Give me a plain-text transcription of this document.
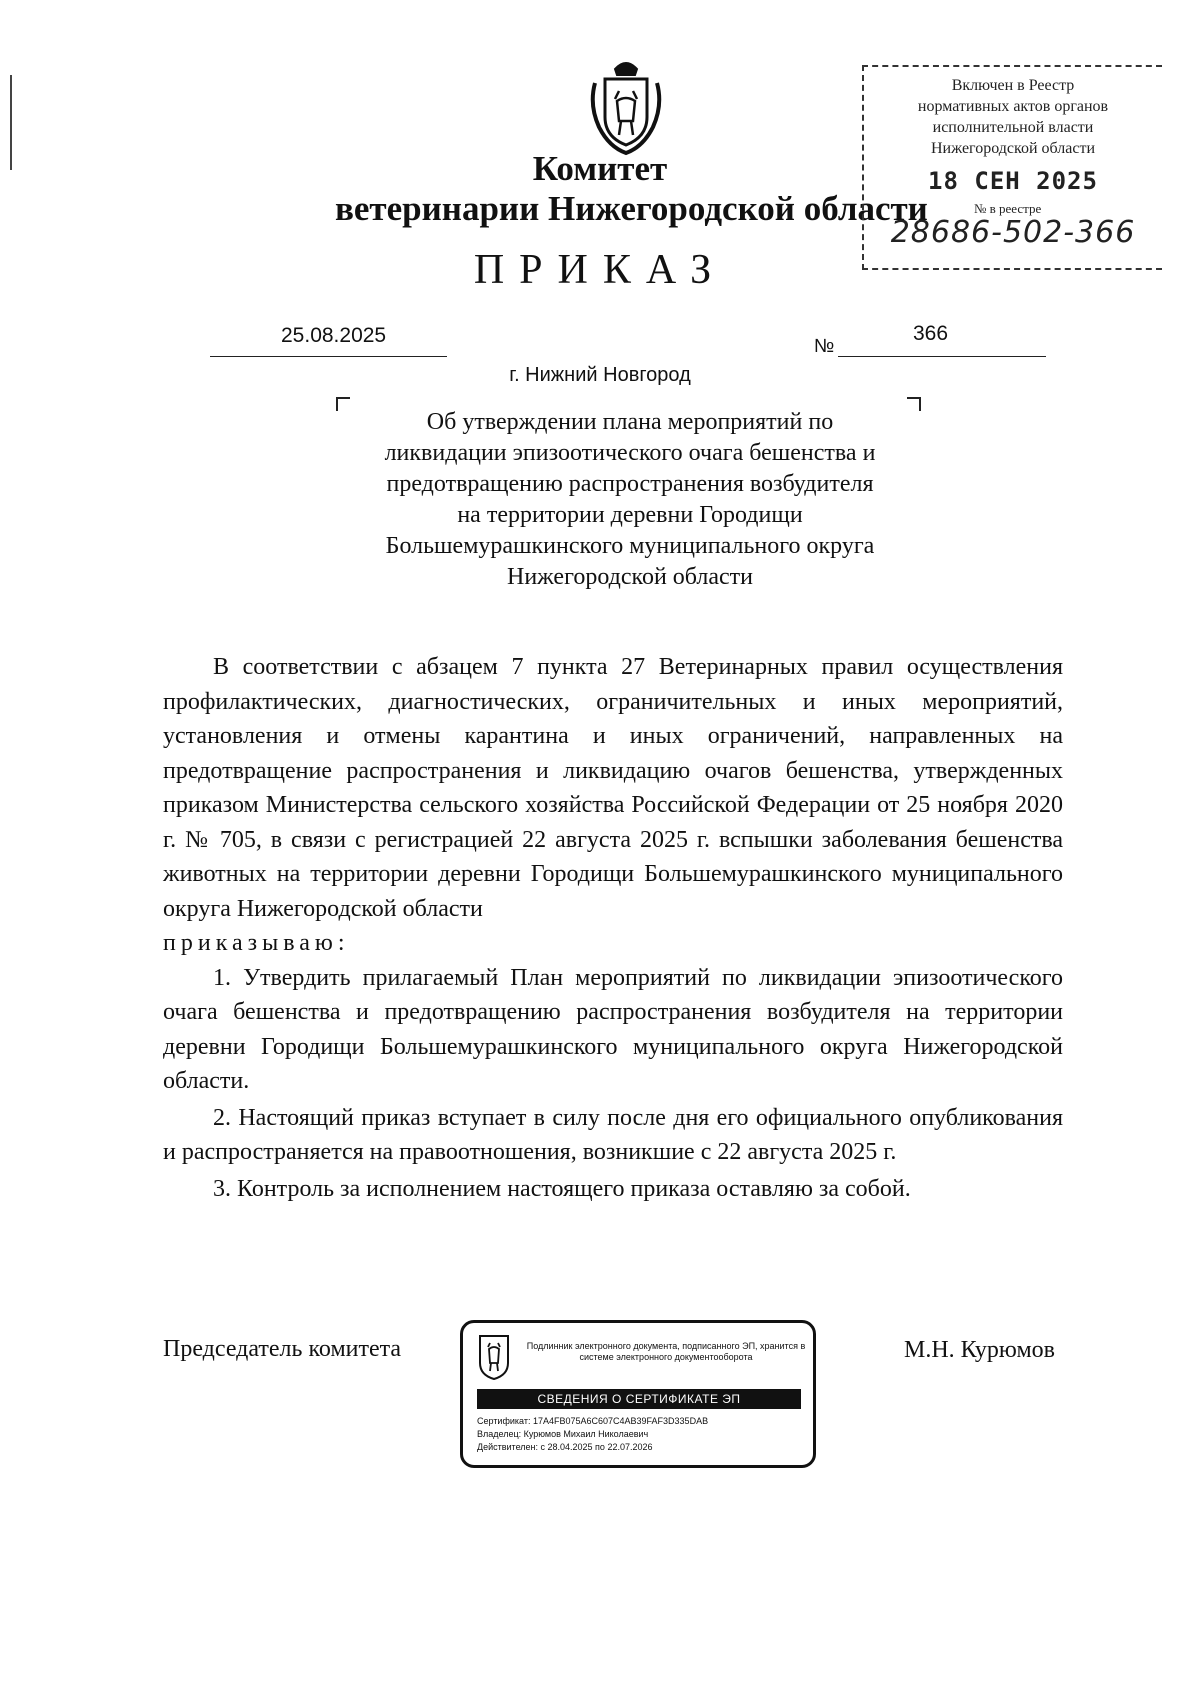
Комитет
ветеринарии Нижегородской области
ПРИКАЗ
Включен в Реестр
нормативных актов органов
исполнительной власти
Нижегородской области
18 СЕН 2025
№ в реестре
28686-502-366
25.08.2025	№
366
г. Нижний Новгород
Об утверждении плана мероприятий по
ликвидации эпизоотического очага бешенства и
предотвращению распространения возбудителя
на территории деревни Городищи
Большемурашкинского муниципального округа
Нижегородской области

В соответствии с абзацем 7 пункта 27 Ветеринарных правил осуществления профилактических, диагностических, ограничительных и иных мероприятий, установления и отмены карантина и иных ограничений, направленных на предотвращение распространения и ликвидацию очагов бешенства, утвержденных приказом Министерства сельского хозяйства Российской Федерации от 25 ноября 2020 г. № 705, в связи с регистрацией 22 августа 2025 г. вспышки заболевания бешенства животных на территории деревни Городищи Большемурашкинского муниципального округа Нижегородской области

приказываю:

1. Утвердить прилагаемый План мероприятий по ликвидации эпизоотического очага бешенства и предотвращению распространения возбудителя на территории деревни Городищи Большемурашкинского муниципального округа Нижегородской области.

2. Настоящий приказ вступает в силу после дня его официального опубликования и распространяется на правоотношения, возникшие с 22 августа 2025 г.

3. Контроль за исполнением настоящего приказа оставляю за собой.

Председатель комитета	М.Н. Курюмов
Подлинник электронного документа, подписанного ЭП, хранится в системе электронного документооборота
СВЕДЕНИЯ О СЕРТИФИКАТЕ ЭП
Сертификат: 17A4FB075A6C607C4AB39FAF3D335DAB
Владелец: Курюмов Михаил Николаевич
Действителен: с 28.04.2025 по 22.07.2026
